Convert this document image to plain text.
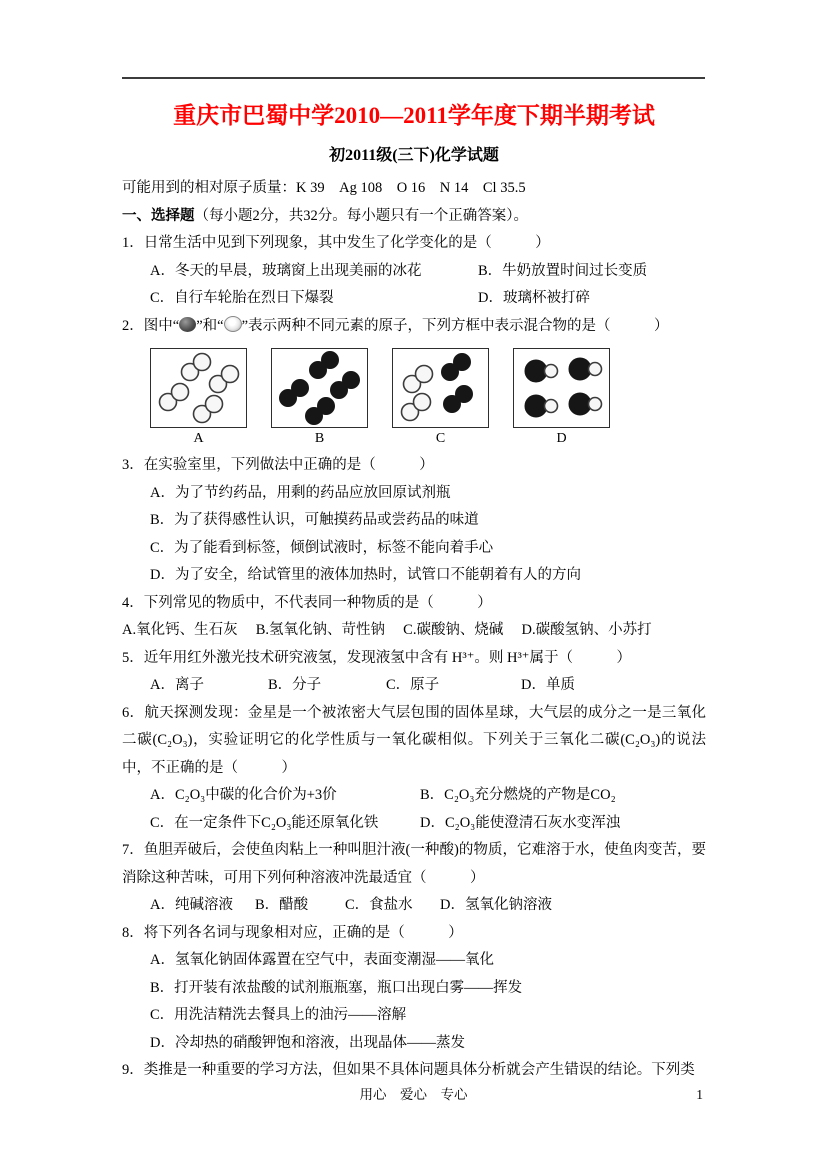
重庆市巴蜀中学2010—2011学年度下期半期考试
初2011级(三下)化学试题
可能用到的相对原子质量：K 39　Ag 108　O 16　N 14　Cl 35.5
一、选择题（每小题2分，共32分。每小题只有一个正确答案）。
1．日常生活中见到下列现象，其中发生了化学变化的是（　　　）
A．冬天的早晨，玻璃窗上出现美丽的冰花	B．牛奶放置时间过长变质
C．自行车轮胎在烈日下爆裂	D．玻璃杯被打碎
2．图中“ ”和“ ”表示两种不同元素的原子，下列方框中表示混合物的是（　　　）
A	B	C	D
3．在实验室里，下列做法中正确的是（　　　）
A．为了节约药品，用剩的药品应放回原试剂瓶
B．为了获得感性认识，可触摸药品或尝药品的味道
C．为了能看到标签，倾倒试液时，标签不能向着手心
D．为了安全，给试管里的液体加热时，试管口不能朝着有人的方向
4．下列常见的物质中，不代表同一种物质的是（　　　）
A.氧化钙、生石灰　 B.氢氧化钠、苛性钠　 C.碳酸钠、烧碱　 D.碳酸氢钠、小苏打
5．近年用红外激光技术研究液氢，发现液氢中含有 H³⁺。则 H³⁺属于（　　　）
A．离子	B．分子	C．原子	D．单质
6．航天探测发现：金星是一个被浓密大气层包围的固体星球，大气层的成分之一是三氧化二碳(C₂O₃)，实验证明它的化学性质与一氧化碳相似。下列关于三氧化二碳(C₂O₃)的说法中，不正确的是（　　　）
A．C₂O₃中碳的化合价为+3价	B．C₂O₃充分燃烧的产物是CO₂
C．在一定条件下C₂O₃能还原氧化铁	D．C₂O₃能使澄清石灰水变浑浊
7．鱼胆弄破后，会使鱼肉粘上一种叫胆汁液(一种酸)的物质，它难溶于水，使鱼肉变苦，要消除这种苦味，可用下列何种溶液冲洗最适宜（　　　）
A．纯碱溶液 B．醋酸	C．食盐水 D．氢氧化钠溶液
8．将下列各名词与现象相对应，正确的是（　　　）
A．氢氧化钠固体露置在空气中，表面变潮湿——氧化
B．打开装有浓盐酸的试剂瓶瓶塞，瓶口出现白雾——挥发
C．用洗洁精洗去餐具上的油污——溶解
D．冷却热的硝酸钾饱和溶液，出现晶体——蒸发
9．类推是一种重要的学习方法，但如果不具体问题具体分析就会产生错误的结论。下列类
用心　爱心　专心	1
